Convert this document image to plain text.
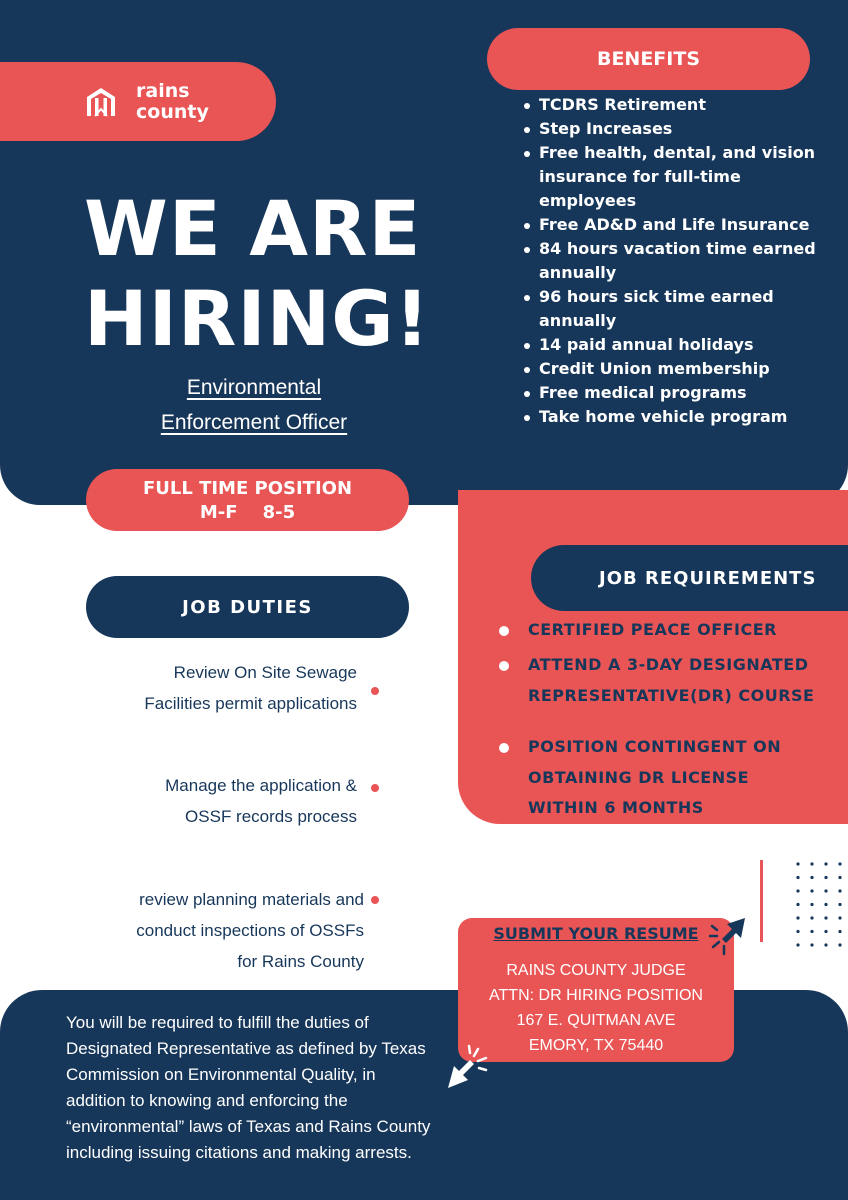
rains county
WE ARE
HIRING!
Environmental
Enforcement Officer
BENEFITS
TCDRS Retirement
Step Increases
Free health, dental, and vision insurance for full-time employees
Free AD&D and Life Insurance
84 hours vacation time earned annually
96 hours sick time earned annually
14 paid annual holidays
Credit Union membership
Free medical programs
Take home vehicle program
FULL TIME POSITION
M-F    8-5
JOB DUTIES
Review On Site Sewage Facilities permit applications
Manage the application & OSSF records process
review planning materials and conduct inspections of OSSFs for Rains County
JOB REQUIREMENTS
CERTIFIED PEACE OFFICER
ATTEND A 3-DAY DESIGNATED REPRESENTATIVE(DR) COURSE
POSITION CONTINGENT ON OBTAINING DR LICENSE WITHIN 6 MONTHS
SUBMIT YOUR RESUME
RAINS COUNTY JUDGE
ATTN: DR HIRING POSITION
167 E. QUITMAN AVE
EMORY, TX 75440
You will be required to fulfill the duties of Designated Representative as defined by Texas Commission on Environmental Quality, in addition to knowing and enforcing the “environmental” laws of Texas and Rains County including issuing citations and making arrests.
